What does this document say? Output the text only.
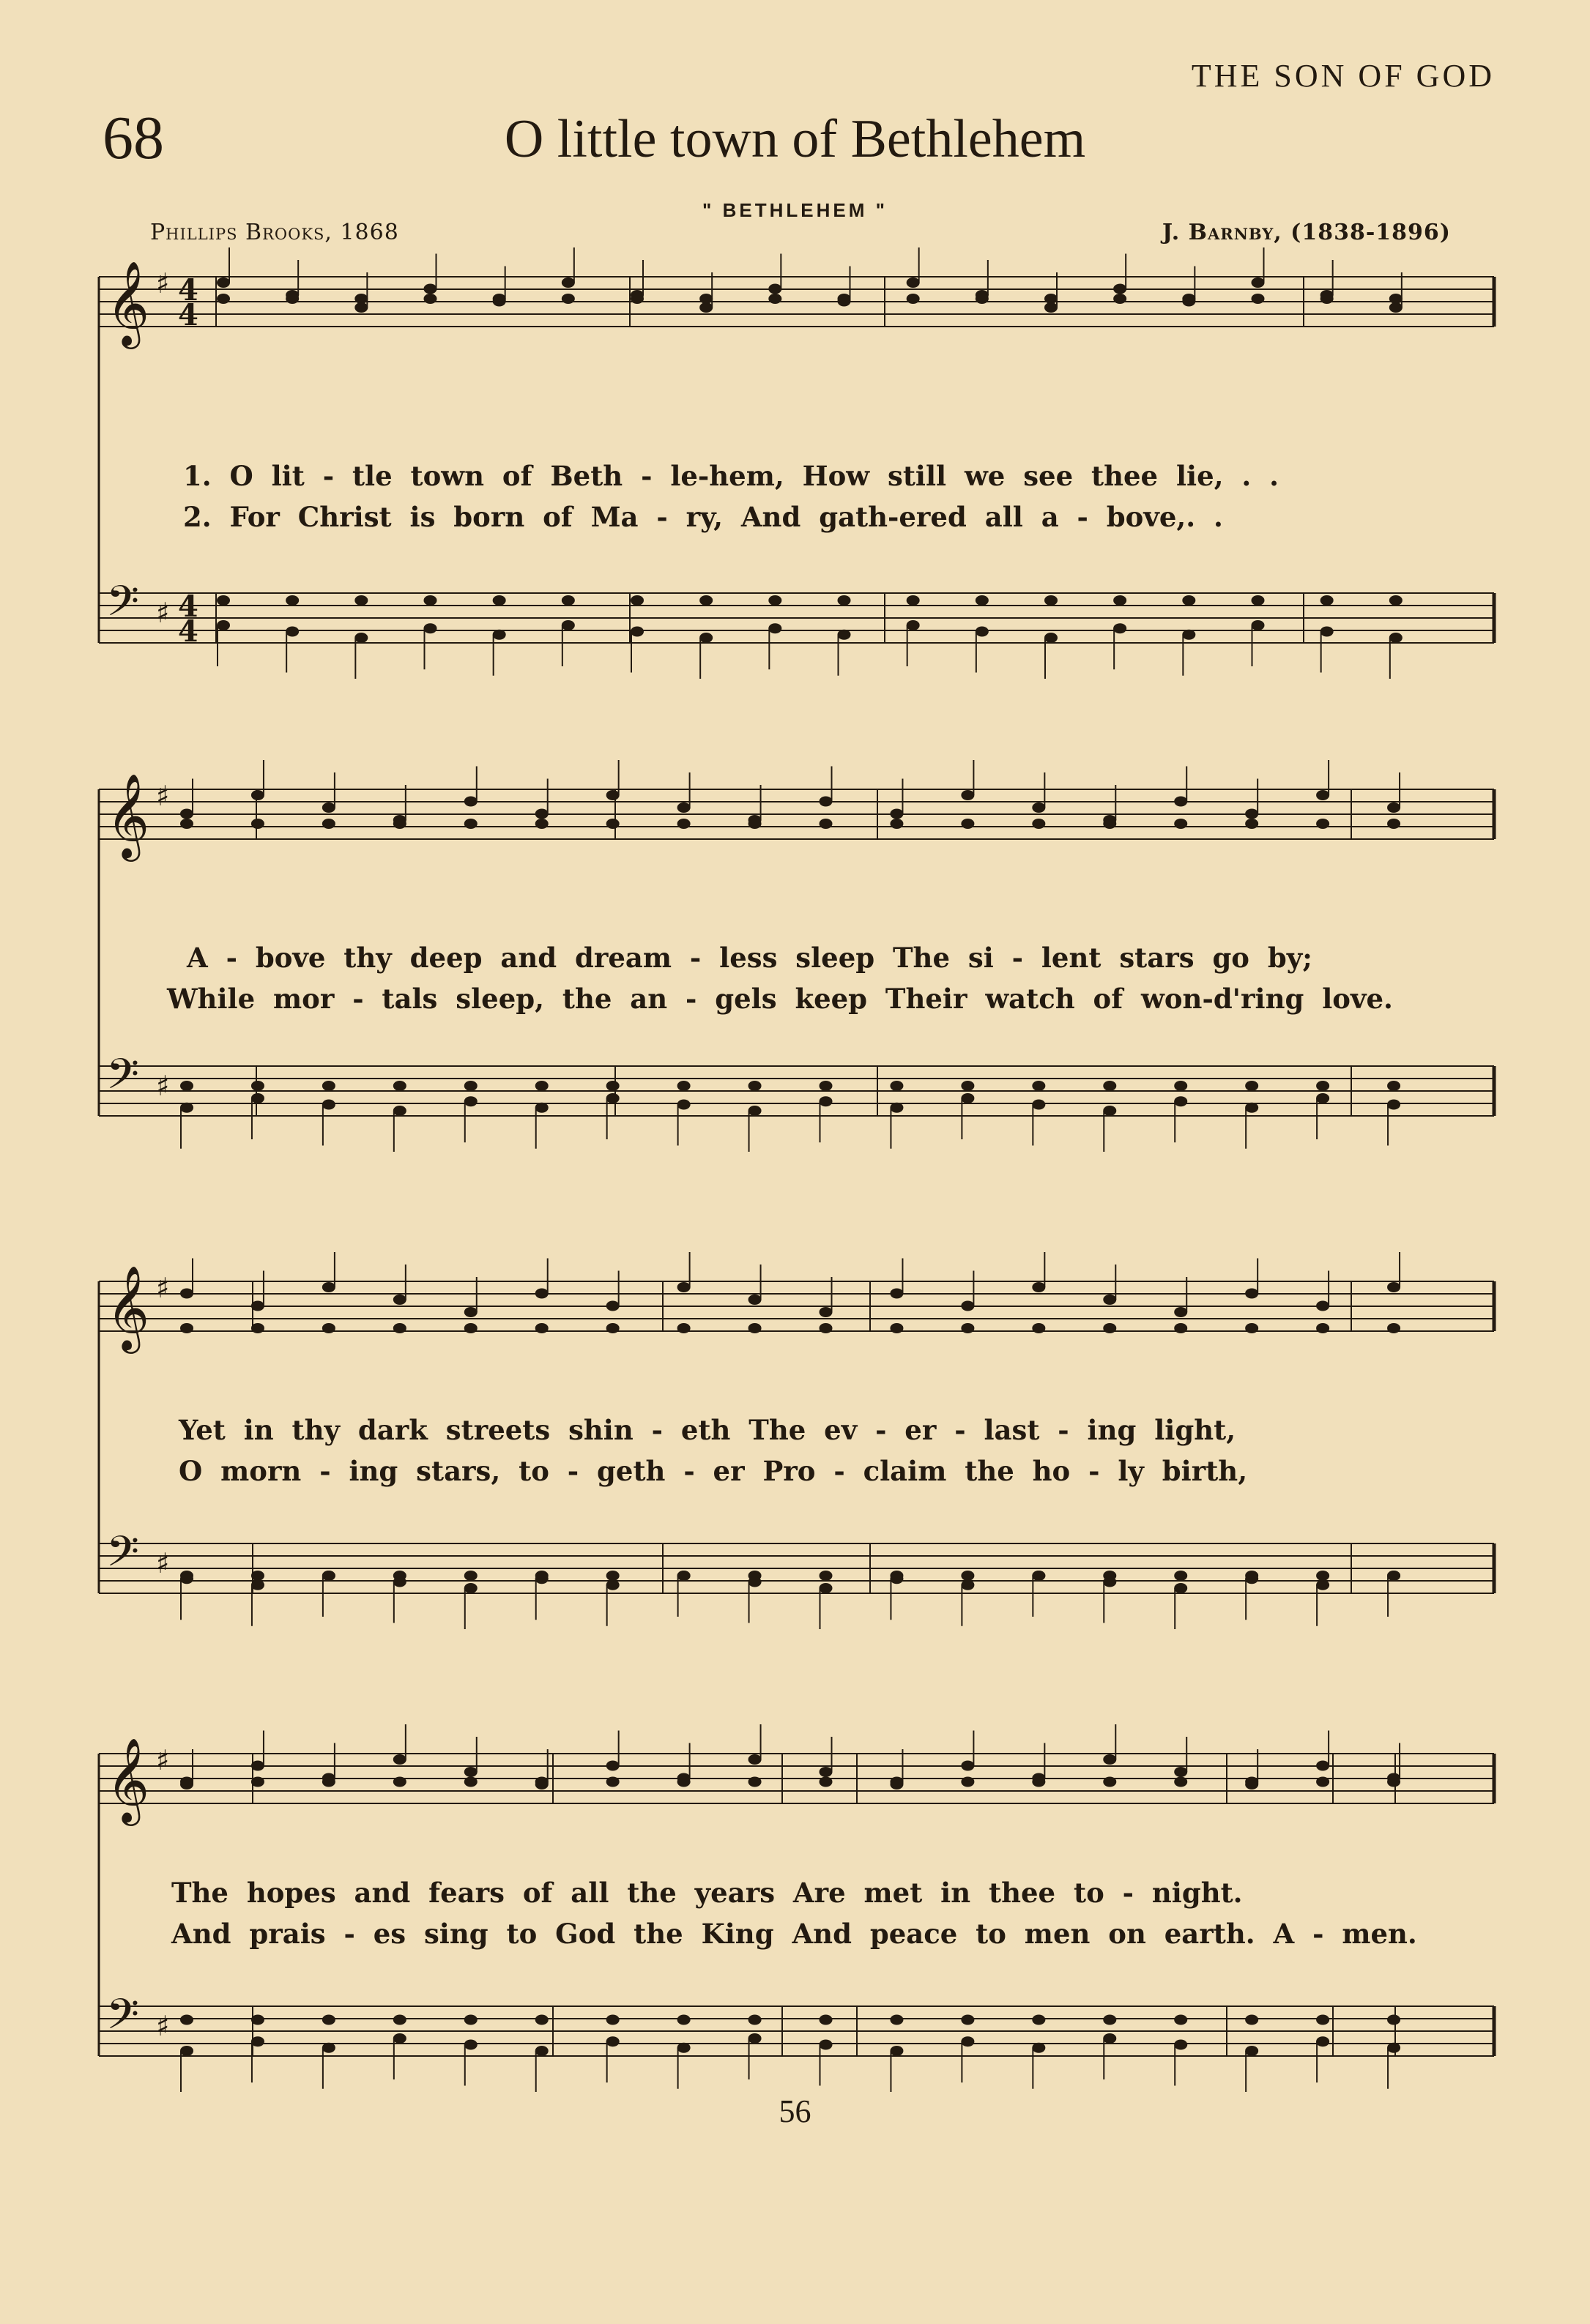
THE SON OF GOD
68	O little town of Bethlehem
" BETHLEHEM "
Phillips Brooks, 1868	J. Barnby, (1838-1896)
𝄞 ♯ 4
4
𝄢 ♯ 4
4
𝄞 ♯
𝄢 ♯
𝄞 ♯
𝄢 ♯
𝄞 ♯
𝄢 ♯
1. O lit - tle town of Beth - le-hem, How still we see thee lie, . .
2. For Christ is born of Ma - ry, And gath-ered all a - bove,. .
A - bove thy deep and dream - less sleep The si - lent stars go by;
While mor - tals sleep, the an - gels keep Their watch of won-d'ring love.
Yet in thy dark streets shin - eth The ev - er - last - ing light,
O morn - ing stars, to - geth - er Pro - claim the ho - ly birth,
The hopes and fears of all the years Are met in thee to - night.
And prais - es sing to God the King And peace to men on earth. A - men.
56
